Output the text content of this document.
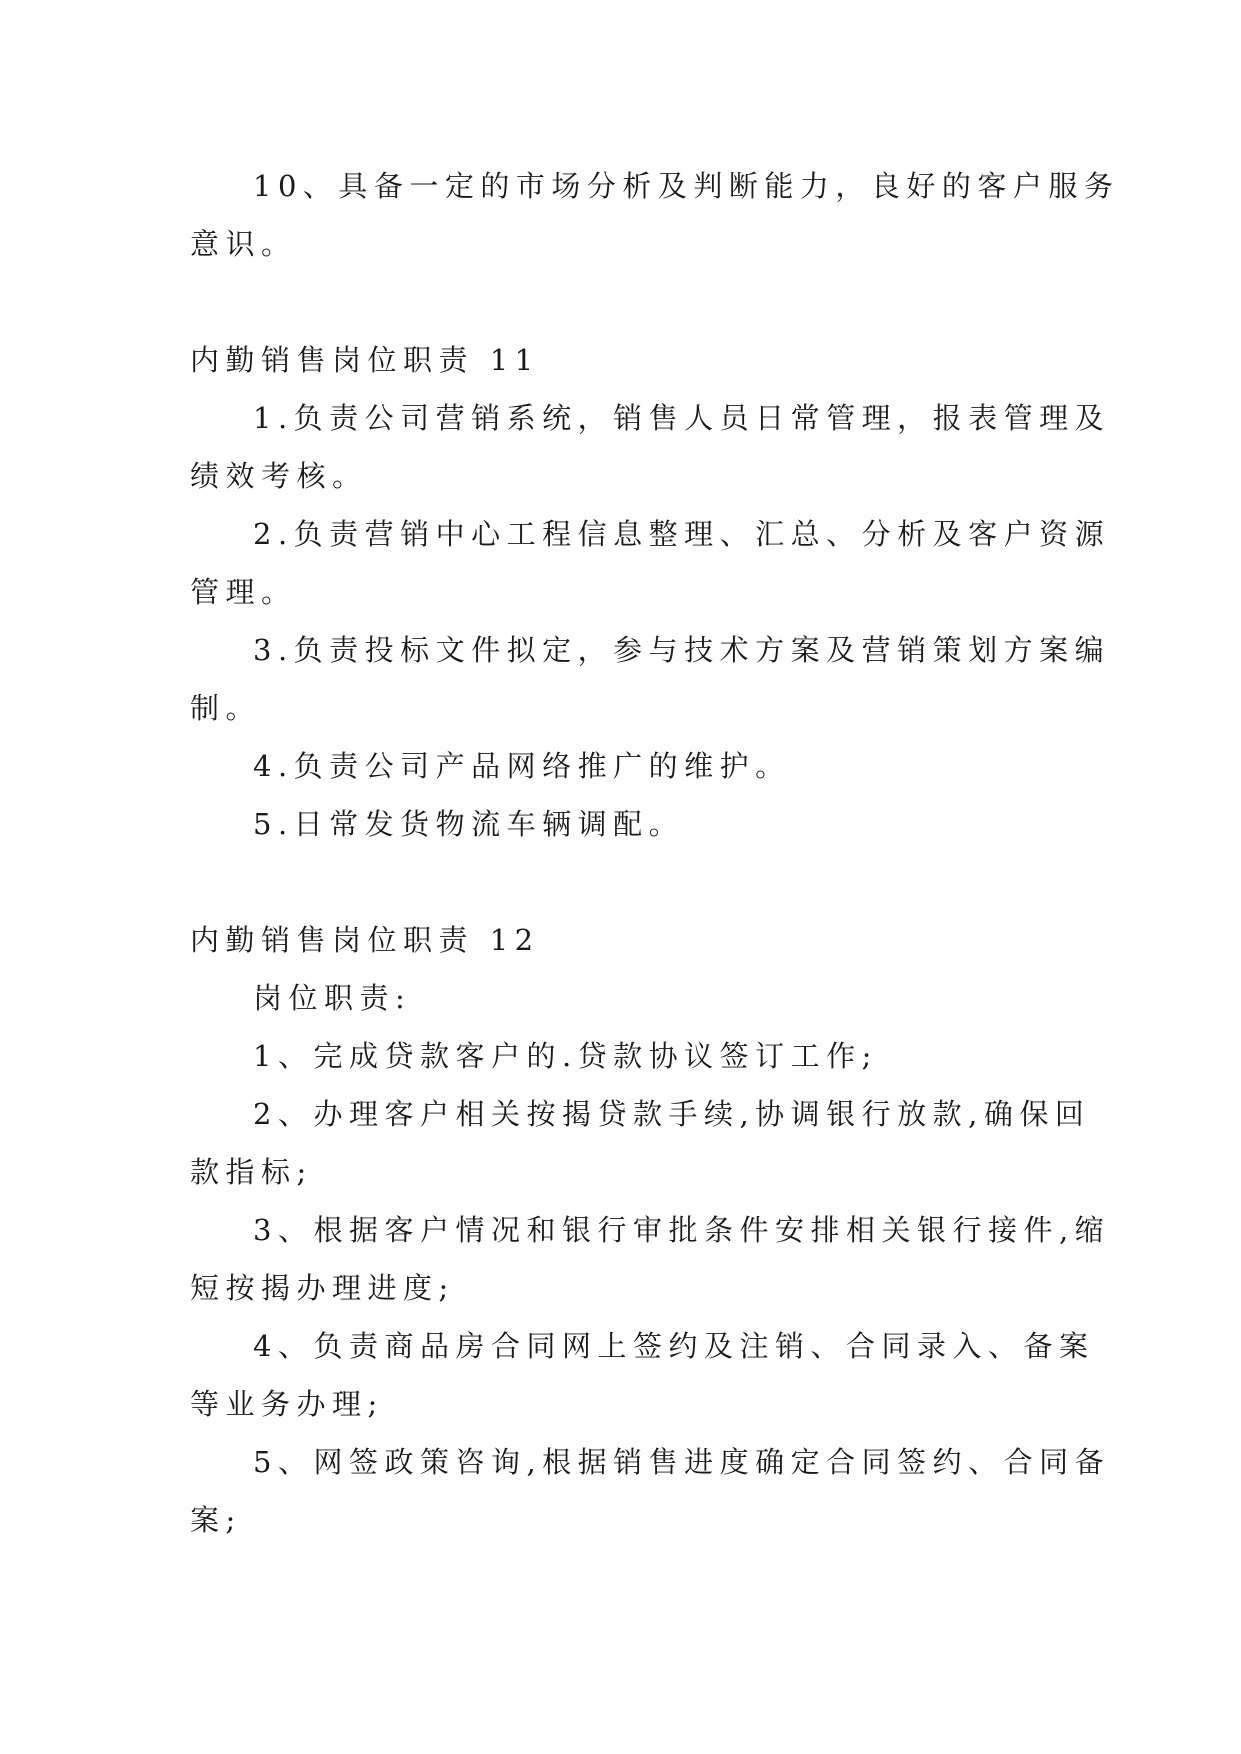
10、具备一定的市场分析及判断能力，良好的客户服务
意识。
内勤销售岗位职责 11
1.负责公司营销系统，销售人员日常管理，报表管理及
绩效考核。
2.负责营销中心工程信息整理、汇总、分析及客户资源
管理。
3.负责投标文件拟定，参与技术方案及营销策划方案编
制。
4.负责公司产品网络推广的维护。
5.日常发货物流车辆调配。
内勤销售岗位职责 12
岗位职责:
1、完成贷款客户的.贷款协议签订工作;
2、办理客户相关按揭贷款手续,协调银行放款,确保回
款指标;
3、根据客户情况和银行审批条件安排相关银行接件,缩
短按揭办理进度;
4、负责商品房合同网上签约及注销、合同录入、备案
等业务办理;
5、网签政策咨询,根据销售进度确定合同签约、合同备
案;
